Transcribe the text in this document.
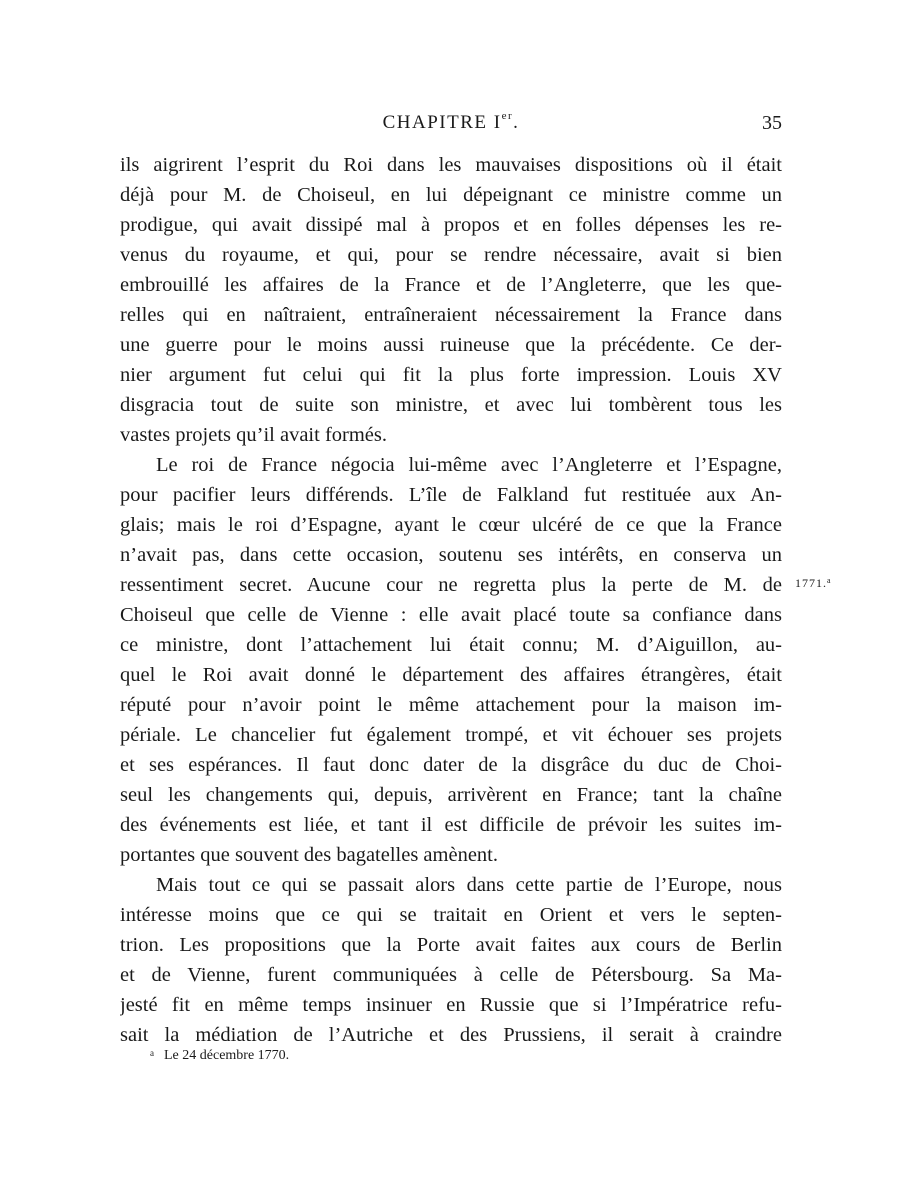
CHAPITRE Ier.	35
ils aigrirent l’esprit du Roi dans les mauvaises dispositions où il était
déjà pour M. de Choiseul, en lui dépeignant ce ministre comme un
prodigue, qui avait dissipé mal à propos et en folles dépenses les re-
venus du royaume, et qui, pour se rendre nécessaire, avait si bien
embrouillé les affaires de la France et de l’Angleterre, que les que-
relles qui en naîtraient, entraîneraient nécessairement la France dans
une guerre pour le moins aussi ruineuse que la précédente. Ce der-
nier argument fut celui qui fit la plus forte impression. Louis XV
disgracia tout de suite son ministre, et avec lui tombèrent tous les
vastes projets qu’il avait formés.
Le roi de France négocia lui-même avec l’Angleterre et l’Espagne,
pour pacifier leurs différends. L’île de Falkland fut restituée aux An-
glais; mais le roi d’Espagne, ayant le cœur ulcéré de ce que la France
n’avait pas, dans cette occasion, soutenu ses intérêts, en conserva un
ressentiment secret. Aucune cour ne regretta plus la perte de M. de
Choiseul que celle de Vienne : elle avait placé toute sa confiance dans
ce ministre, dont l’attachement lui était connu; M. d’Aiguillon, au-
quel le Roi avait donné le département des affaires étrangères, était
réputé pour n’avoir point le même attachement pour la maison im-
périale. Le chancelier fut également trompé, et vit échouer ses projets
et ses espérances. Il faut donc dater de la disgrâce du duc de Choi-
seul les changements qui, depuis, arrivèrent en France; tant la chaîne
des événements est liée, et tant il est difficile de prévoir les suites im-
portantes que souvent des bagatelles amènent.
Mais tout ce qui se passait alors dans cette partie de l’Europe, nous
intéresse moins que ce qui se traitait en Orient et vers le septen-
trion. Les propositions que la Porte avait faites aux cours de Berlin
et de Vienne, furent communiquées à celle de Pétersbourg. Sa Ma-
jesté fit en même temps insinuer en Russie que si l’Impératrice refu-
sait la médiation de l’Autriche et des Prussiens, il serait à craindre
1771.$^a$
$^a$ Le 24 décembre 1770.
